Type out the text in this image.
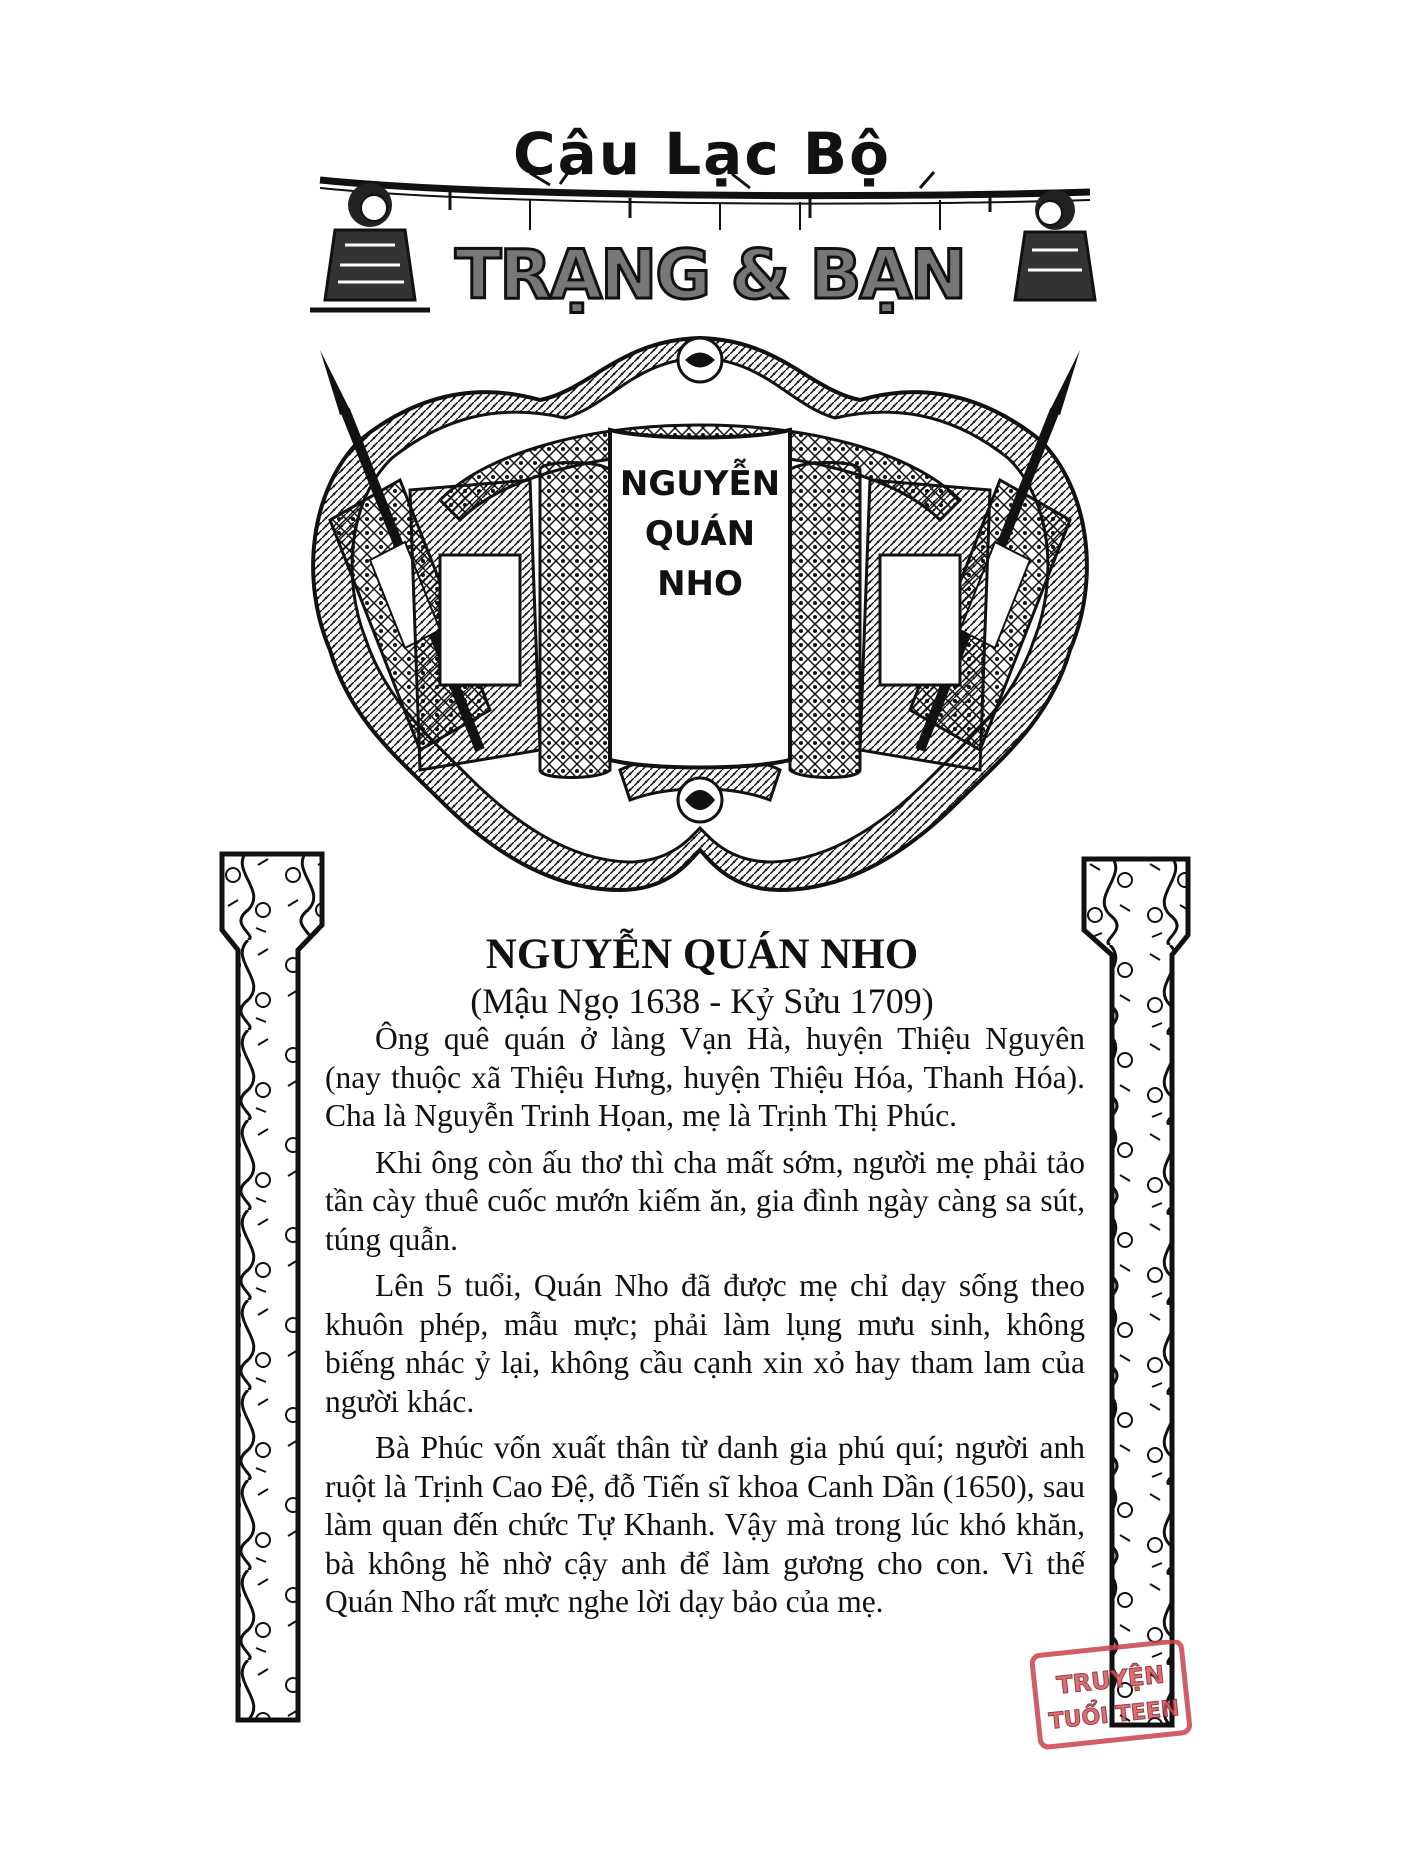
Câu Lạc Bộ
TRẠNG & BẠN
NGUYỄN
QUÁN
NHO
NGUYỄN QUÁN NHO
(Mậu Ngọ 1638 - Kỷ Sửu 1709)

Ông quê quán ở làng Vạn Hà, huyện Thiệu Nguyên (nay thuộc xã Thiệu Hưng, huyện Thiệu Hóa, Thanh Hóa). Cha là Nguyễn Trinh Họan, mẹ là Trịnh Thị Phúc.

Khi ông còn ấu thơ thì cha mất sớm, người mẹ phải tảo tần cày thuê cuốc mướn kiếm ăn, gia đình ngày càng sa sút, túng quẫn.

Lên 5 tuổi, Quán Nho đã được mẹ chỉ dạy sống theo khuôn phép, mẫu mực; phải làm lụng mưu sinh, không biếng nhác ỷ lại, không cầu cạnh xin xỏ hay tham lam của người khác.

Bà Phúc vốn xuất thân từ danh gia phú quí; người anh ruột là Trịnh Cao Đệ, đỗ Tiến sĩ khoa Canh Dần (1650), sau làm quan đến chức Tự Khanh. Vậy mà trong lúc khó khăn, bà không hề nhờ cậy anh để làm gương cho con. Vì thế Quán Nho rất mực nghe lời dạy bảo của mẹ.

TRUYỆN
TUỔI TEEN
